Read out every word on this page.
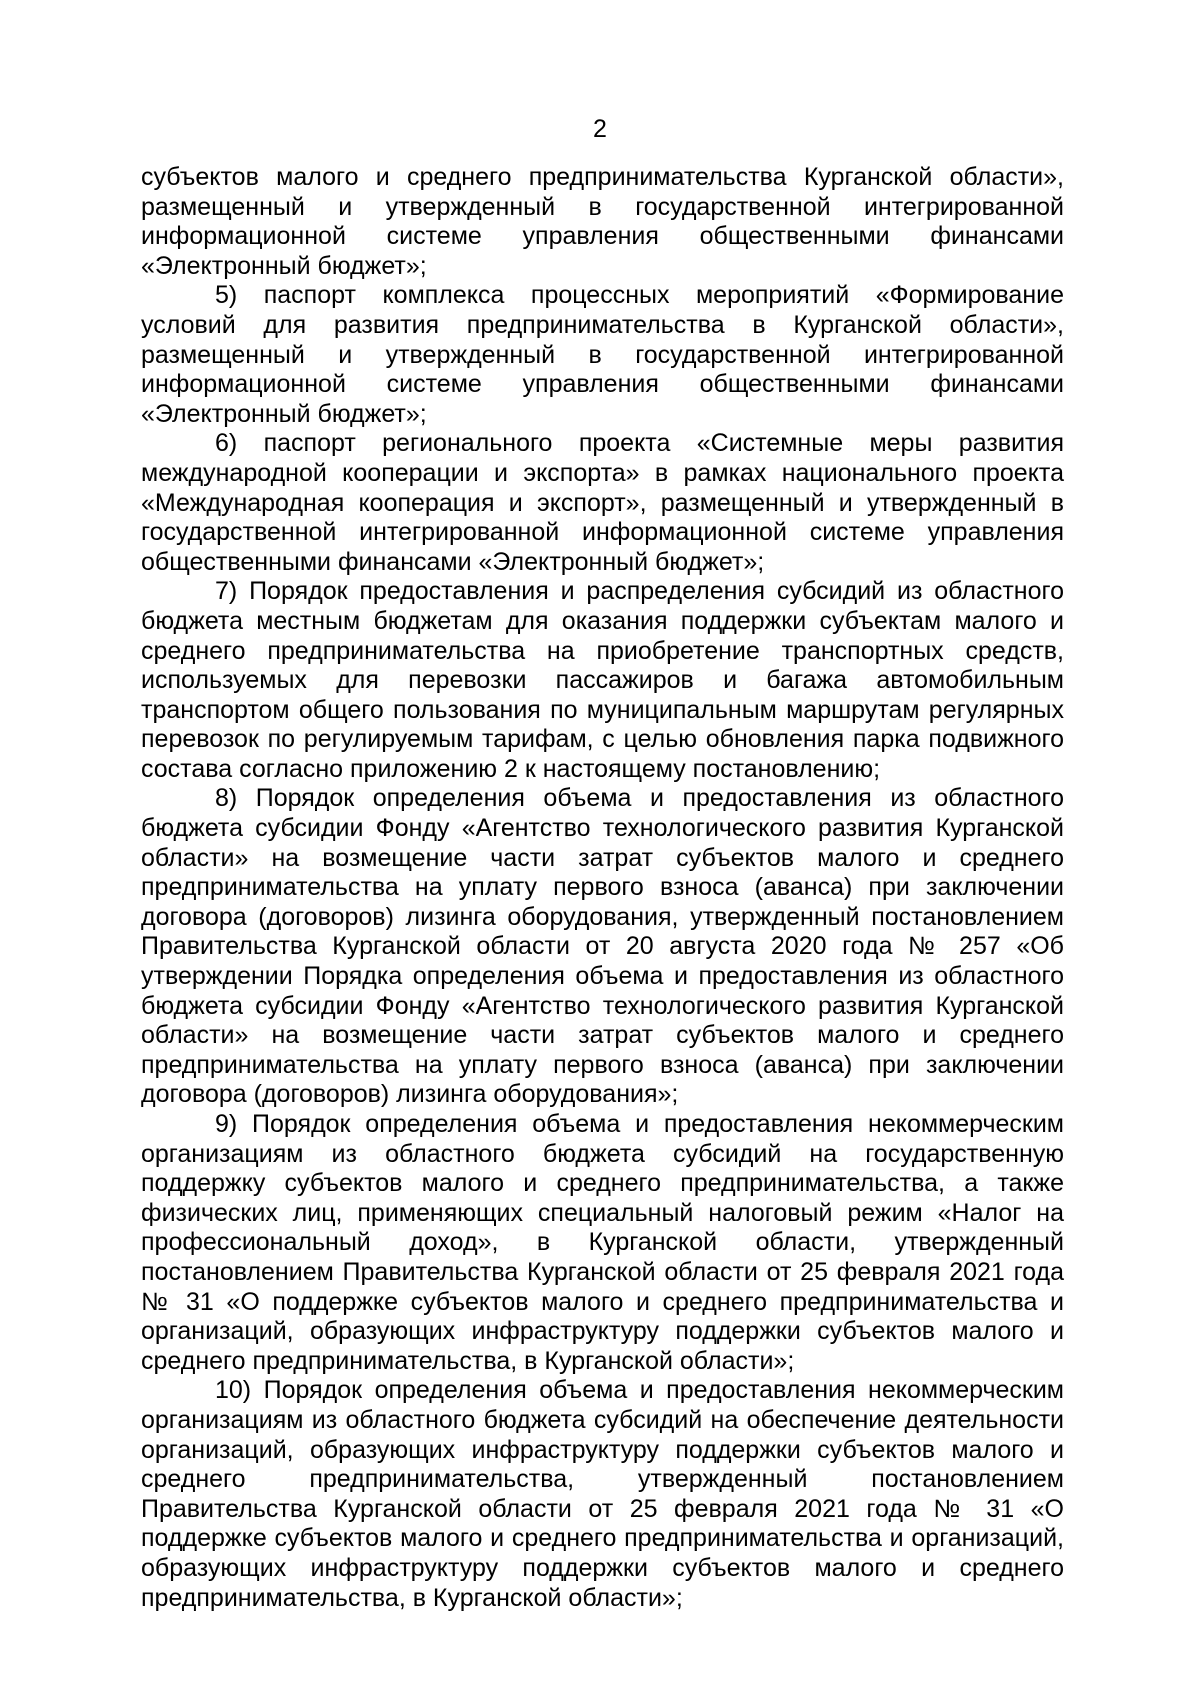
2

субъектов малого и среднего предпринимательства Курганской области», размещенный и утвержденный в государственной интегрированной информационной системе управления общественными финансами «Электронный бюджет»;

5) паспорт комплекса процессных мероприятий «Формирование условий для развития предпринимательства в Курганской области», размещенный и утвержденный в государственной интегрированной информационной системе управления общественными финансами «Электронный бюджет»;

6) паспорт регионального проекта «Системные меры развития международной кооперации и экспорта» в рамках национального проекта «Международная кооперация и экспорт», размещенный и утвержденный в государственной интегрированной информационной системе управления общественными финансами «Электронный бюджет»;

7) Порядок предоставления и распределения субсидий из областного бюджета местным бюджетам для оказания поддержки субъектам малого и среднего предпринимательства на приобретение транспортных средств, используемых для перевозки пассажиров и багажа автомобильным транспортом общего пользования по муниципальным маршрутам регулярных перевозок по регулируемым тарифам, с целью обновления парка подвижного состава согласно приложению 2 к настоящему постановлению;

8) Порядок определения объема и предоставления из областного бюджета субсидии Фонду «Агентство технологического развития Курганской области» на возмещение части затрат субъектов малого и среднего предпринимательства на уплату первого взноса (аванса) при заключении договора (договоров) лизинга оборудования, утвержденный постановлением Правительства Курганской области от 20 августа 2020 года № 257 «Об утверждении Порядка определения объема и предоставления из областного бюджета субсидии Фонду «Агентство технологического развития Курганской области» на возмещение части затрат субъектов малого и среднего предпринимательства на уплату первого взноса (аванса) при заключении договора (договоров) лизинга оборудования»;

9) Порядок определения объема и предоставления некоммерческим организациям из областного бюджета субсидий на государственную поддержку субъектов малого и среднего предпринимательства, а также физических лиц, применяющих специальный налоговый режим «Налог на профессиональный доход», в Курганской области, утвержденный постановлением Правительства Курганской области от 25 февраля 2021 года № 31 «О поддержке субъектов малого и среднего предпринимательства и организаций, образующих инфраструктуру поддержки субъектов малого и среднего предпринимательства, в Курганской области»;

10) Порядок определения объема и предоставления некоммерческим организациям из областного бюджета субсидий на обеспечение деятельности организаций, образующих инфраструктуру поддержки субъектов малого и среднего предпринимательства, утвержденный постановлением Правительства Курганской области от 25 февраля 2021 года № 31 «О поддержке субъектов малого и среднего предпринимательства и организаций, образующих инфраструктуру поддержки субъектов малого и среднего предпринимательства, в Курганской области»;
